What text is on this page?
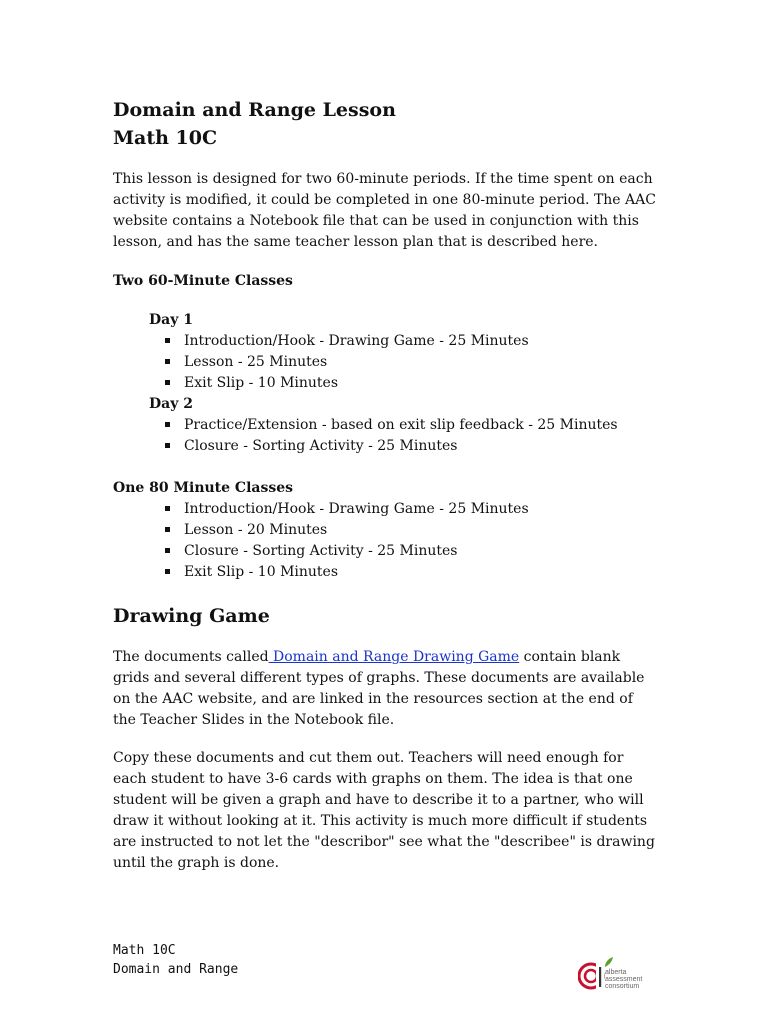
Domain and Range Lesson
Math 10C

This lesson is designed for two 60-minute periods. If the time spent on each activity is modified, it could be completed in one 80-minute period. The AAC website contains a Notebook file that can be used in conjunction with this lesson, and has the same teacher lesson plan that is described here.

Two 60-Minute Classes

Day 1

Introduction/Hook - Drawing Game - 25 Minutes
Lesson - 25 Minutes
Exit Slip - 10 Minutes

Day 2

Practice/Extension - based on exit slip feedback - 25 Minutes
Closure - Sorting Activity - 25 Minutes

One 80 Minute Classes

Introduction/Hook - Drawing Game - 25 Minutes
Lesson - 20 Minutes
Closure - Sorting Activity - 25 Minutes
Exit Slip - 10 Minutes
Drawing Game

The documents called Domain and Range Drawing Game contain blank grids and several different types of graphs. These documents are available on the AAC website, and are linked in the resources section at the end of the Teacher Slides in the Notebook file.

Copy these documents and cut them out. Teachers will need enough for each student to have 3-6 cards with graphs on them. The idea is that one student will be given a graph and have to describe it to a partner, who will draw it without looking at it. This activity is much more difficult if students are instructed to not let the "describor" see what the "describee" is drawing until the graph is done.

Math 10C
Domain and Range	alberta
assessment
consortium
